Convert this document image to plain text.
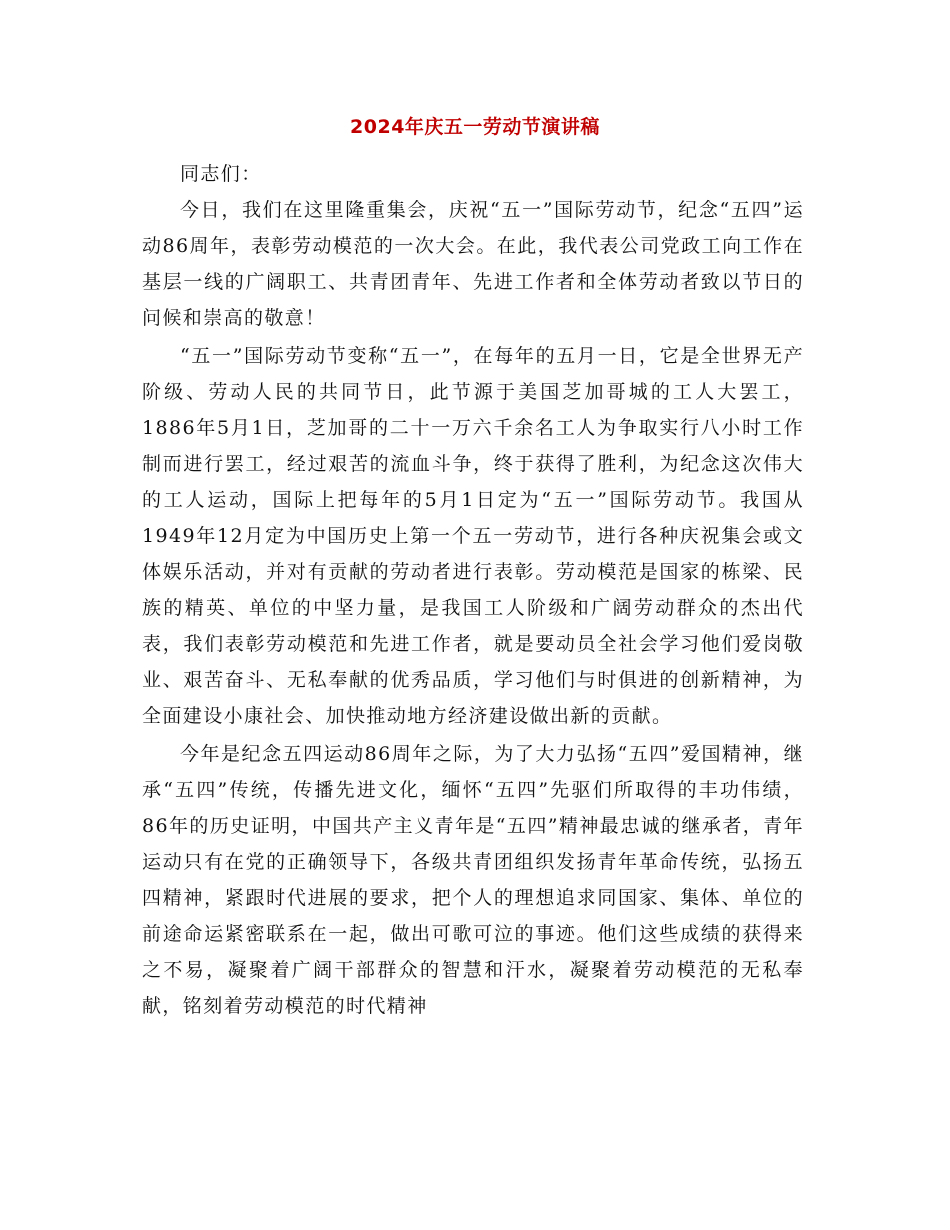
2024年庆五一劳动节演讲稿

同志们：

今日，我们在这里隆重集会，庆祝“五一”国际劳动节，纪念“五四”运动86周年，表彰劳动模范的一次大会。在此，我代表公司党政工向工作在基层一线的广阔职工、共青团青年、先进工作者和全体劳动者致以节日的问候和崇高的敬意！

“五一”国际劳动节变称“五一”，在每年的五月一日，它是全世界无产阶级、劳动人民的共同节日，此节源于美国芝加哥城的工人大罢工，1886年5月1日，芝加哥的二十一万六千余名工人为争取实行八小时工作制而进行罢工，经过艰苦的流血斗争，终于获得了胜利，为纪念这次伟大的工人运动，国际上把每年的5月1日定为“五一”国际劳动节。我国从1949年12月定为中国历史上第一个五一劳动节，进行各种庆祝集会或文体娱乐活动，并对有贡献的劳动者进行表彰。劳动模范是国家的栋梁、民族的精英、单位的中坚力量，是我国工人阶级和广阔劳动群众的杰出代表，我们表彰劳动模范和先进工作者，就是要动员全社会学习他们爱岗敬业、艰苦奋斗、无私奉献的优秀品质，学习他们与时俱进的创新精神，为全面建设小康社会、加快推动地方经济建设做出新的贡献。

今年是纪念五四运动86周年之际，为了大力弘扬“五四”爱国精神，继承“五四”传统，传播先进文化，缅怀“五四”先驱们所取得的丰功伟绩，86年的历史证明，中国共产主义青年是“五四”精神最忠诚的继承者，青年运动只有在党的正确领导下，各级共青团组织发扬青年革命传统，弘扬五四精神，紧跟时代进展的要求，把个人的理想追求同国家、集体、单位的前途命运紧密联系在一起，做出可歌可泣的事迹。他们这些成绩的获得来之不易，凝聚着广阔干部群众的智慧和汗水，凝聚着劳动模范的无私奉献，铭刻着劳动模范的时代精神
